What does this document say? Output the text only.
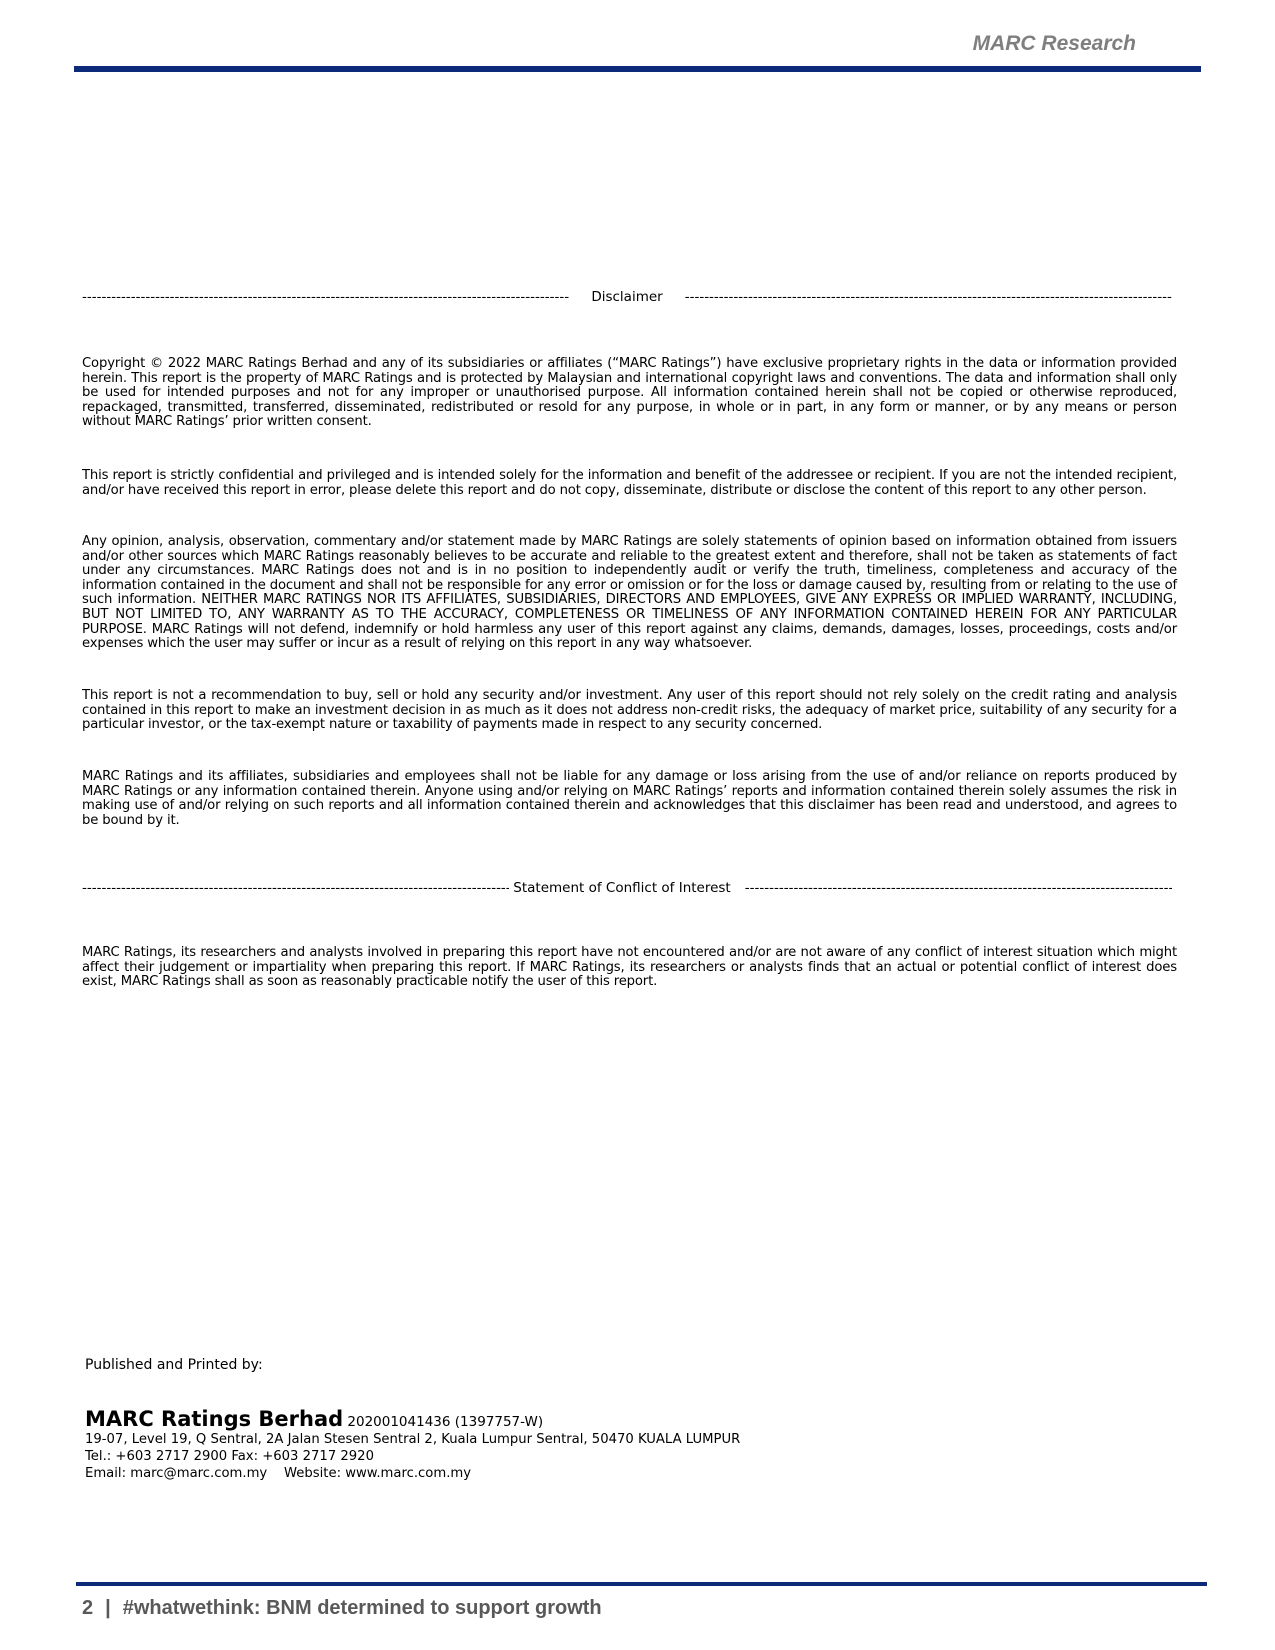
MARC Research
-----
Disclaimer
-----
Copyright © 2022 MARC Ratings Berhad and any of its subsidiaries or affiliates (“MARC Ratings”) have exclusive proprietary rights in the data or information provided herein. This report is the property of MARC Ratings and is protected by Malaysian and international copyright laws and conventions. The data and information shall only be used for intended purposes and not for any improper or unauthorised purpose. All information contained herein shall not be copied or otherwise reproduced, repackaged, transmitted, transferred, disseminated, redistributed or resold for any purpose, in whole or in part, in any form or manner, or by any means or person without MARC Ratings’ prior written consent.
This report is strictly confidential and privileged and is intended solely for the information and benefit of the addressee or recipient. If you are not the intended recipient, and/or have received this report in error, please delete this report and do not copy, disseminate, distribute or disclose the content of this report to any other person.
Any opinion, analysis, observation, commentary and/or statement made by MARC Ratings are solely statements of opinion based on information obtained from issuers and/or other sources which MARC Ratings reasonably believes to be accurate and reliable to the greatest extent and therefore, shall not be taken as statements of fact under any circumstances. MARC Ratings does not and is in no position to independently audit or verify the truth, timeliness, completeness and accuracy of the information contained in the document and shall not be responsible for any error or omission or for the loss or damage caused by, resulting from or relating to the use of such information. NEITHER MARC RATINGS NOR ITS AFFILIATES, SUBSIDIARIES, DIRECTORS AND EMPLOYEES, GIVE ANY EXPRESS OR IMPLIED WARRANTY, INCLUDING, BUT NOT LIMITED TO, ANY WARRANTY AS TO THE ACCURACY, COMPLETENESS OR TIMELINESS OF ANY INFORMATION CONTAINED HEREIN FOR ANY PARTICULAR PURPOSE. MARC Ratings will not defend, indemnify or hold harmless any user of this report against any claims, demands, damages, losses, proceedings, costs and/or expenses which the user may suffer or incur as a result of relying on this report in any way whatsoever.
This report is not a recommendation to buy, sell or hold any security and/or investment. Any user of this report should not rely solely on the credit rating and analysis contained in this report to make an investment decision in as much as it does not address non-credit risks, the adequacy of market price, suitability of any security for a particular investor, or the tax-exempt nature or taxability of payments made in respect to any security concerned.
MARC Ratings and its affiliates, subsidiaries and employees shall not be liable for any damage or loss arising from the use of and/or reliance on reports produced by MARC Ratings or any information contained therein. Anyone using and/or relying on MARC Ratings’ reports and information contained therein solely assumes the risk in making use of and/or relying on such reports and all information contained therein and acknowledges that this disclaimer has been read and understood, and agrees to be bound by it.
-----
Statement of Conflict of Interest
-----
MARC Ratings, its researchers and analysts involved in preparing this report have not encountered and/or are not aware of any conflict of interest situation which might affect their judgement or impartiality when preparing this report. If MARC Ratings, its researchers or analysts finds that an actual or potential conflict of interest does exist, MARC Ratings shall as soon as reasonably practicable notify the user of this report.
Published and Printed by:
MARC Ratings Berhad 202001041436 (1397757-W)
19-07, Level 19, Q Sentral, 2A Jalan Stesen Sentral 2, Kuala Lumpur Sentral, 50470 KUALA LUMPUR
Tel.: +603 2717 2900 Fax: +603 2717 2920
Email: marc@marc.com.my Website: www.marc.com.my
2 | #whatwethink: BNM determined to support growth
